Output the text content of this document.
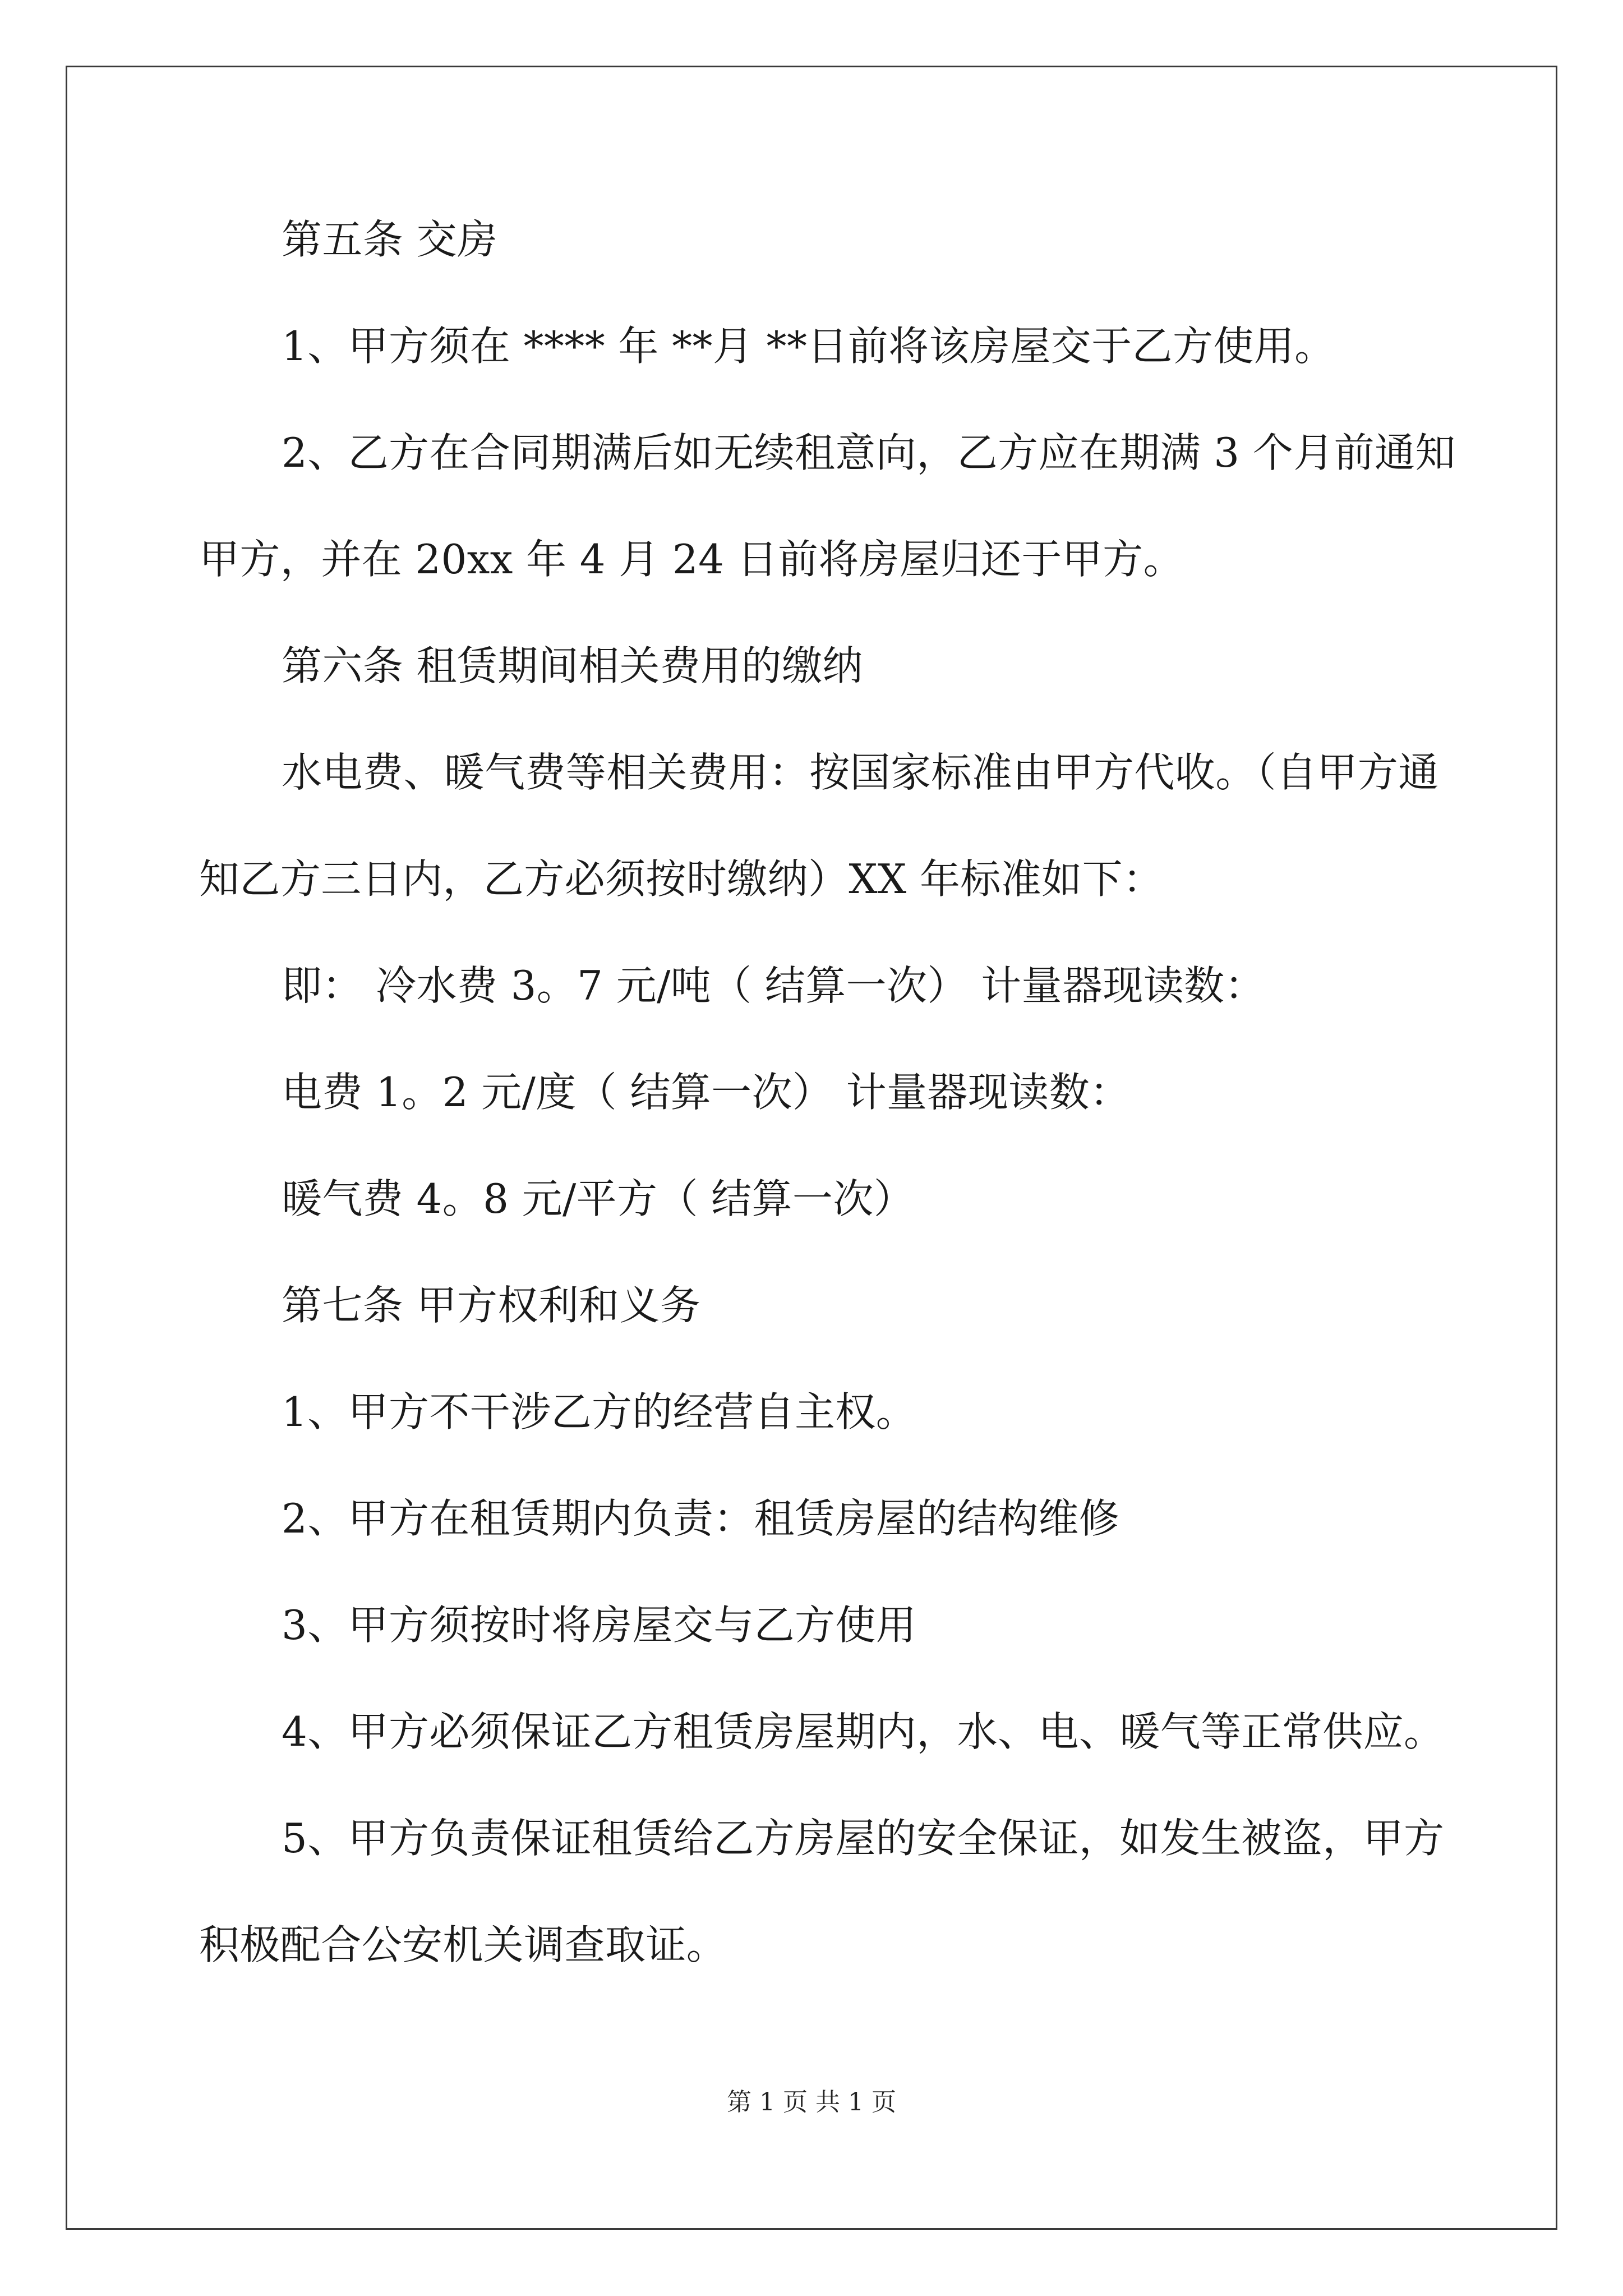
第五条 交房
1、甲方须在 **** 年 **月 **日前将该房屋交于乙方使用。
2、乙方在合同期满后如无续租意向，乙方应在期满 3 个月前通知
甲方，并在 20xx 年 4 月 24 日前将房屋归还于甲方。
第六条 租赁期间相关费用的缴纳
水电费、暖气费等相关费用：按国家标准由甲方代收。（自甲方通
知乙方三日内，乙方必须按时缴纳）XX 年标准如下：
即： 冷水费 3。7 元/吨（ 结算一次） 计量器现读数：
电费 1。2 元/度（ 结算一次） 计量器现读数：
暖气费 4。8 元/平方（ 结算一次）
第七条 甲方权利和义务
1、甲方不干涉乙方的经营自主权。
2、甲方在租赁期内负责：租赁房屋的结构维修
3、甲方须按时将房屋交与乙方使用
4、甲方必须保证乙方租赁房屋期内，水、电、暖气等正常供应。
5、甲方负责保证租赁给乙方房屋的安全保证，如发生被盗，甲方
积极配合公安机关调查取证。
第 1 页 共 1 页
